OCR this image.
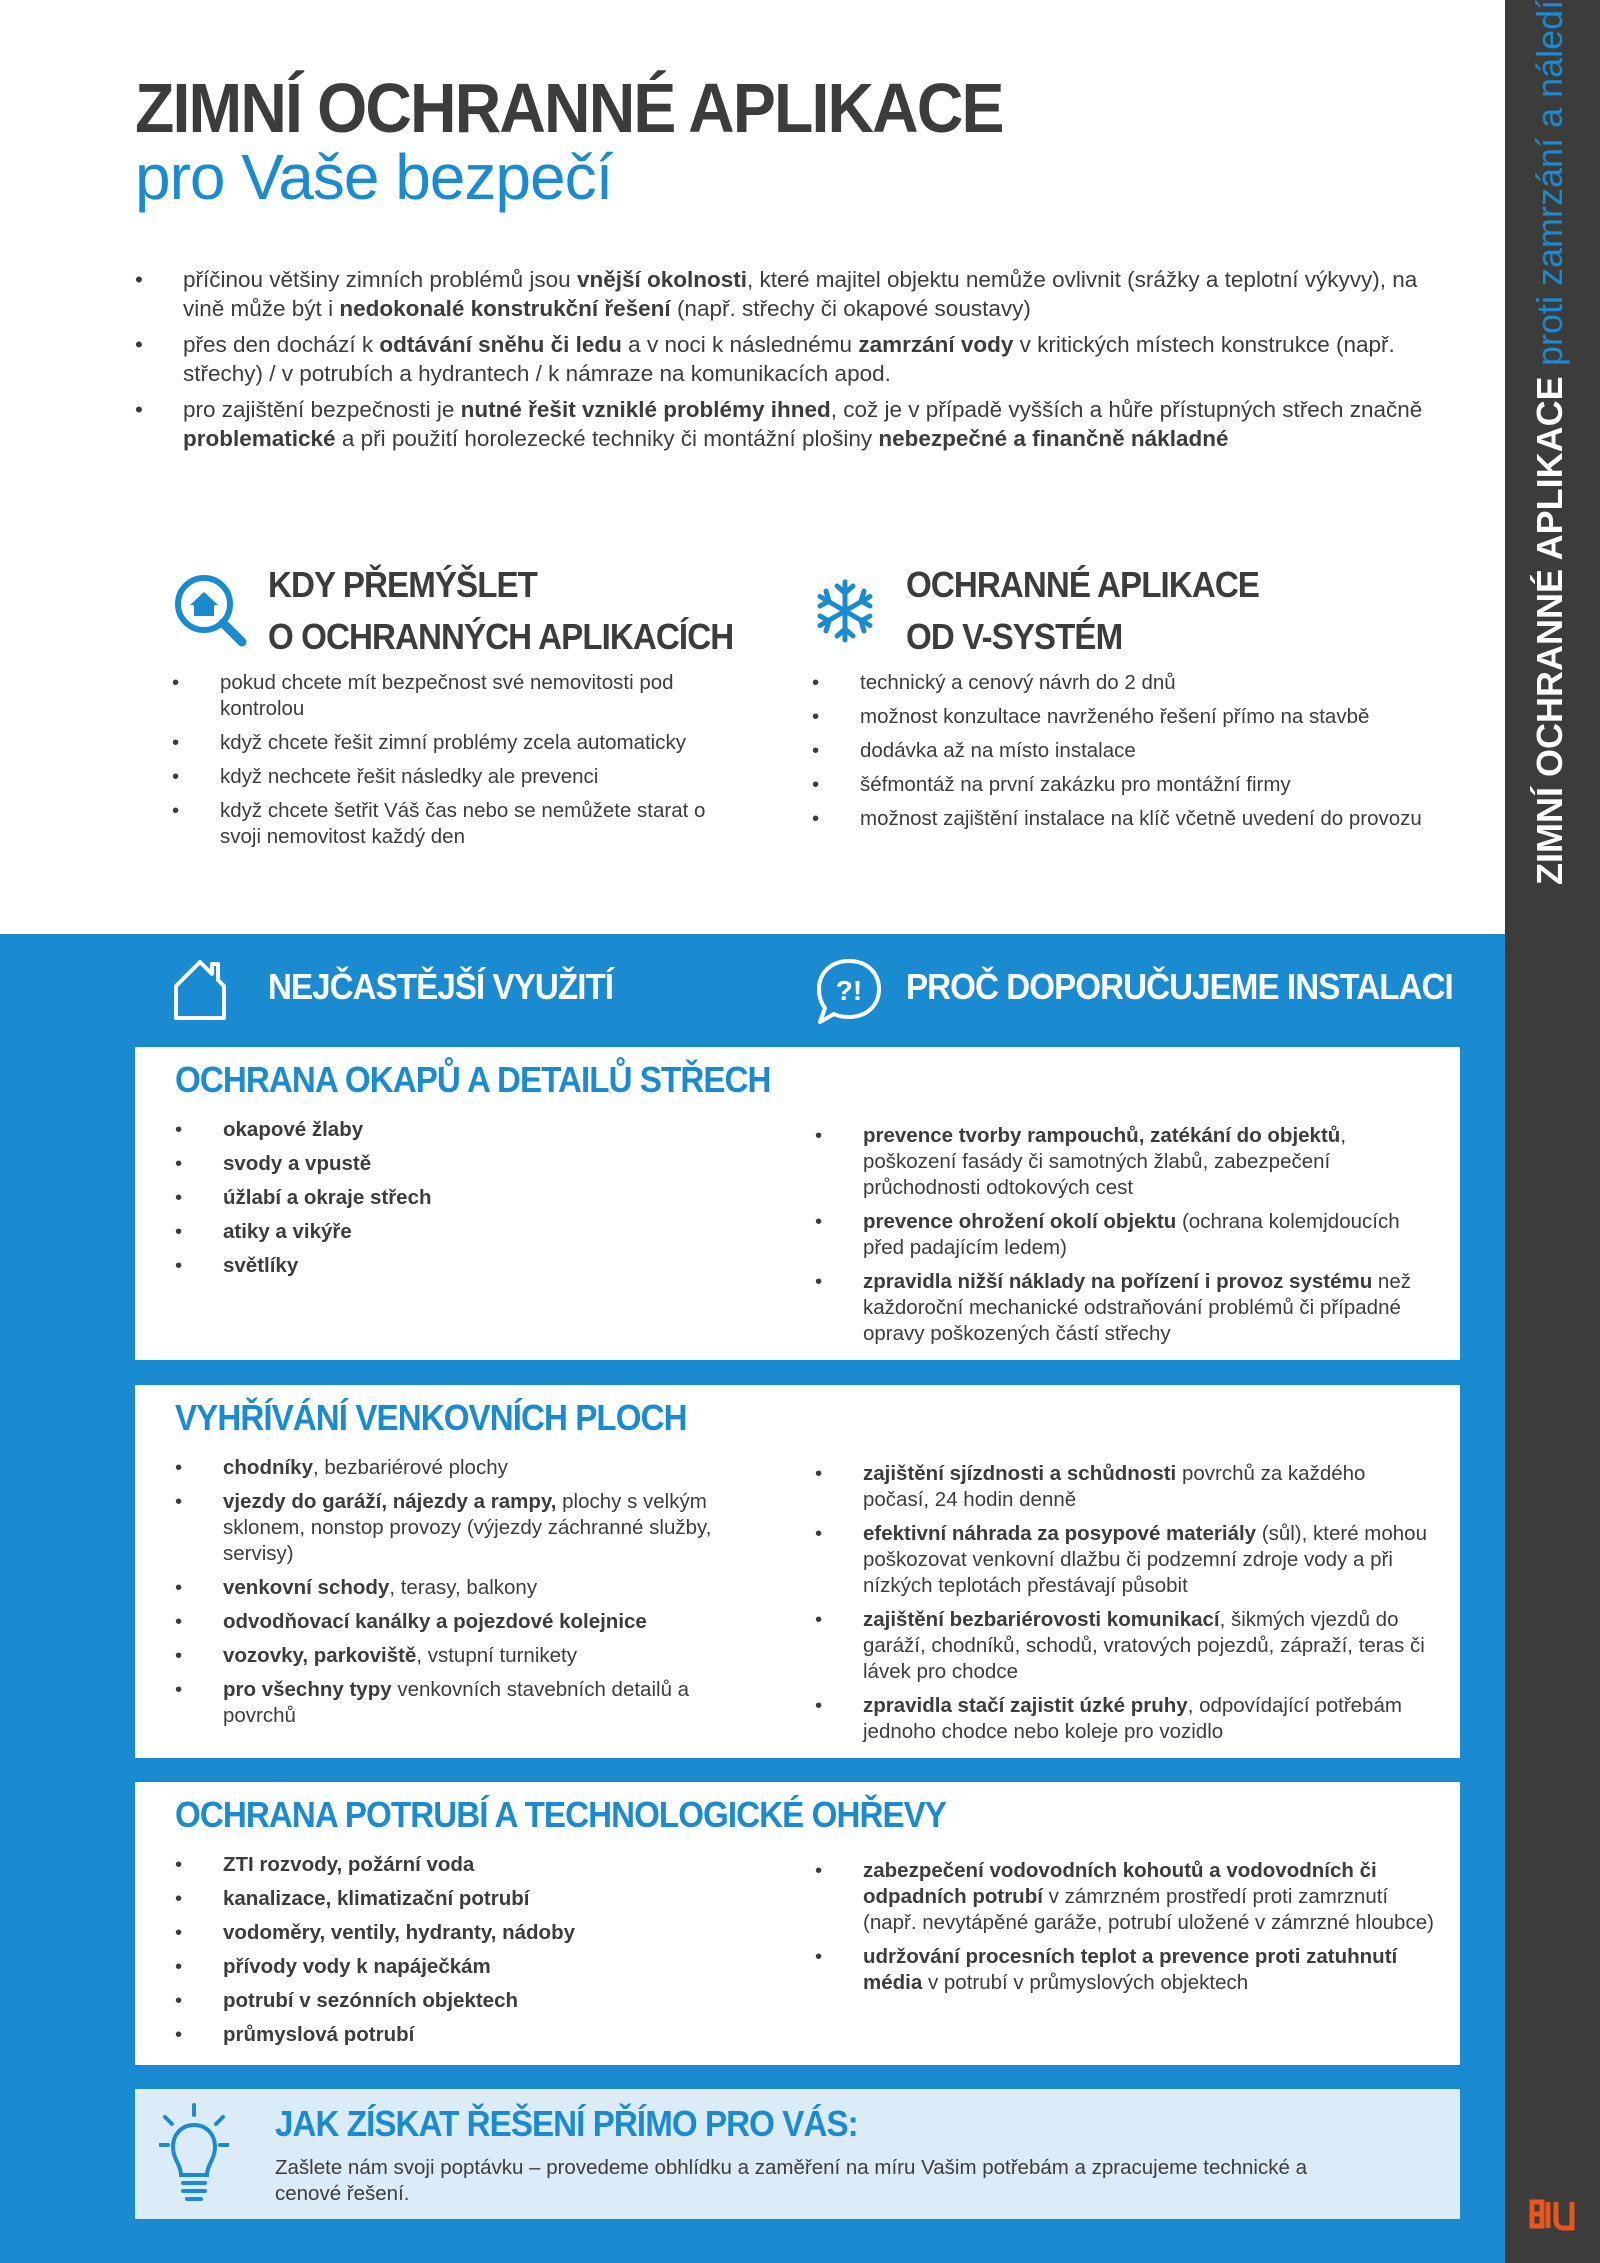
ZIMNÍ OCHRANNÉ APLIKACE
proti zamrzání a náledí
ZIMNÍ OCHRANNÉ APLIKACE
pro Vaše bezpečí
• příčinou většiny zimních problémů jsou vnější okolnosti, které majitel objektu nemůže ovlivnit (srážky a teplotní výkyvy), na vině může být i nedokonalé konstrukční řešení (např. střechy či okapové soustavy)
• přes den dochází k odtávání sněhu či ledu a v noci k následnému zamrzání vody v kritických místech konstrukce (např. střechy) / v potrubích a hydrantech / k námraze na komunikacích apod.
• pro zajištění bezpečnosti je nutné řešit vzniklé problémy ihned, což je v případě vyšších a hůře přístupných střech značně problematické a při použití horolezecké techniky či montážní plošiny nebezpečné a finančně nákladné
KDY PŘEMÝŠLET
O OCHRANNÝCH APLIKACÍCH
• pokud chcete mít bezpečnost své nemovitosti pod kontrolou
• když chcete řešit zimní problémy zcela automaticky
• když nechcete řešit následky ale prevenci
• když chcete šetřit Váš čas nebo se nemůžete starat o svoji nemovitost každý den
OCHRANNÉ APLIKACE
OD V-SYSTÉM
• technický a cenový návrh do 2 dnů
• možnost konzultace navrženého řešení přímo na stavbě
• dodávka až na místo instalace
• šéfmontáž na první zakázku pro montážní firmy
• možnost zajištění instalace na klíč včetně uvedení do provozu
NEJČASTĚJŠÍ VYUŽITÍ	?! PROČ DOPORUČUJEME INSTALACI
OCHRANA OKAPŮ A DETAILŮ STŘECH
• okapové žlaby
• svody a vpustě
• úžlabí a okraje střech
• atiky a vikýře
• světlíky
• prevence tvorby rampouchů, zatékání do objektů, poškození fasády či samotných žlabů, zabezpečení průchodnosti odtokových cest
• prevence ohrožení okolí objektu (ochrana kolemjdoucích před padajícím ledem)
• zpravidla nižší náklady na pořízení i provoz systému než každoroční mechanické odstraňování problémů či případné opravy poškozených částí střechy
VYHŘÍVÁNÍ VENKOVNÍCH PLOCH
• chodníky, bezbariérové plochy
• vjezdy do garáží, nájezdy a rampy, plochy s velkým sklonem, nonstop provozy (výjezdy záchranné služby, servisy)
• venkovní schody, terasy, balkony
• odvodňovací kanálky a pojezdové kolejnice
• vozovky, parkoviště, vstupní turnikety
• pro všechny typy venkovních stavebních detailů a povrchů
• zajištění sjízdnosti a schůdnosti povrchů za každého počasí, 24 hodin denně
• efektivní náhrada za posypové materiály (sůl), které mohou poškozovat venkovní dlažbu či podzemní zdroje vody a při nízkých teplotách přestávají působit
• zajištění bezbariérovosti komunikací, šikmých vjezdů do garáží, chodníků, schodů, vratových pojezdů, zápraží, teras či lávek pro chodce
• zpravidla stačí zajistit úzké pruhy, odpovídající potřebám jednoho chodce nebo koleje pro vozidlo
OCHRANA POTRUBÍ A TECHNOLOGICKÉ OHŘEVY
• ZTI rozvody, požární voda
• kanalizace, klimatizační potrubí
• vodoměry, ventily, hydranty, nádoby
• přívody vody k napáječkám
• potrubí v sezónních objektech
• průmyslová potrubí
• zabezpečení vodovodních kohoutů a vodovodních či odpadních potrubí v zámrzném prostředí proti zamrznutí (např. nevytápěné garáže, potrubí uložené v zámrzné hloubce)
• udržování procesních teplot a prevence proti zatuhnutí média v potrubí v průmyslových objektech
JAK ZÍSKAT ŘEŠENÍ PŘÍMO PRO VÁS:
Zašlete nám svoji poptávku – provedeme obhlídku a zaměření na míru Vašim potřebám a zpracujeme technické a cenové řešení.
